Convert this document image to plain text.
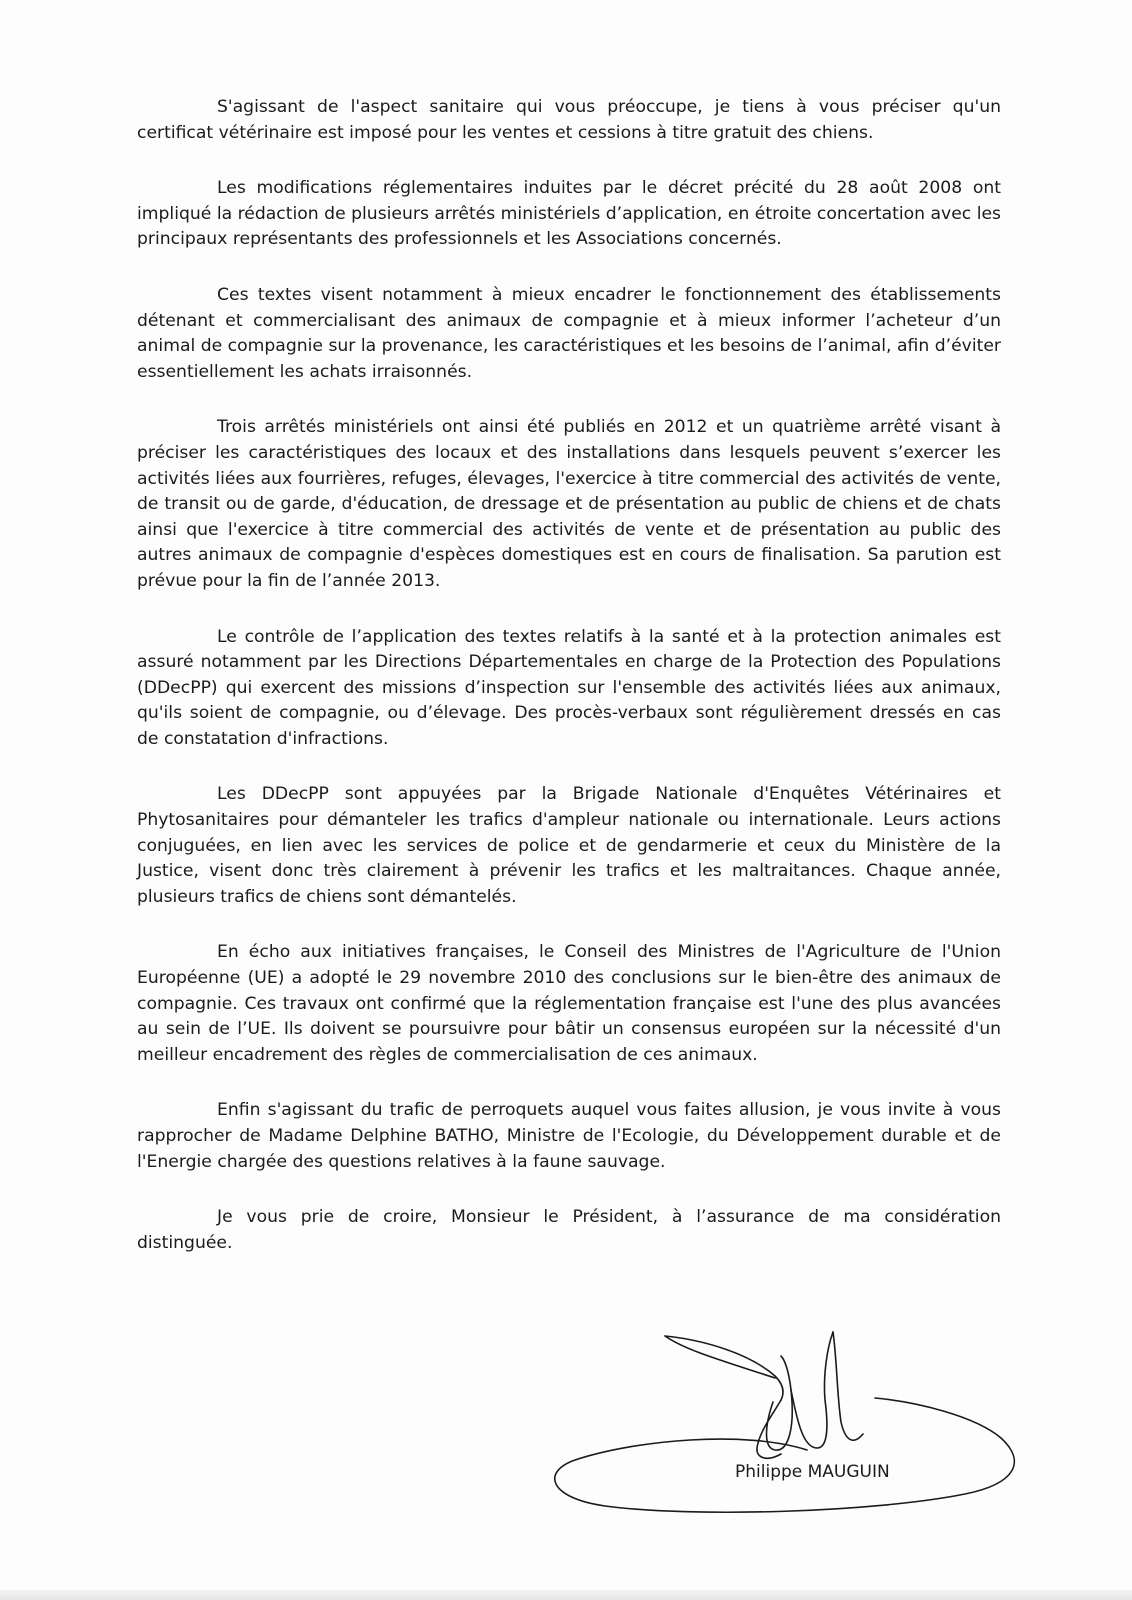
S'agissant de l'aspect sanitaire qui vous préoccupe, je tiens à vous préciser qu'un certificat vétérinaire est imposé pour les ventes et cessions à titre gratuit des chiens.

Les modifications réglementaires induites par le décret précité du 28 août 2008 ont impliqué la rédaction de plusieurs arrêtés ministériels d’application, en étroite concertation avec les principaux représentants des professionnels et les Associations concernés.

Ces textes visent notamment à mieux encadrer le fonctionnement des établissements détenant et commercialisant des animaux de compagnie et à mieux informer l’acheteur d’un animal de compagnie sur la provenance, les caractéristiques et les besoins de l’animal, afin d’éviter essentiellement les achats irraisonnés.

Trois arrêtés ministériels ont ainsi été publiés en 2012 et un quatrième arrêté visant à préciser les caractéristiques des locaux et des installations dans lesquels peuvent s’exercer les activités liées aux fourrières, refuges, élevages, l'exercice à titre commercial des activités de vente, de transit ou de garde, d'éducation, de dressage et de présentation au public de chiens et de chats ainsi que l'exercice à titre commercial des activités de vente et de présentation au public des autres animaux de compagnie d'espèces domestiques est en cours de finalisation. Sa parution est prévue pour la fin de l’année 2013.

Le contrôle de l’application des textes relatifs à la santé et à la protection animales est assuré notamment par les Directions Départementales en charge de la Protection des Populations (DDecPP) qui exercent des missions d’inspection sur l'ensemble des activités liées aux animaux, qu'ils soient de compagnie, ou d’élevage. Des procès-verbaux sont régulièrement dressés en cas de constatation d'infractions.

Les DDecPP sont appuyées par la Brigade Nationale d'Enquêtes Vétérinaires et Phytosanitaires pour démanteler les trafics d'ampleur nationale ou internationale. Leurs actions conjuguées, en lien avec les services de police et de gendarmerie et ceux du Ministère de la Justice, visent donc très clairement à prévenir les trafics et les maltraitances. Chaque année, plusieurs trafics de chiens sont démantelés.

En écho aux initiatives françaises, le Conseil des Ministres de l'Agriculture de l'Union Européenne (UE) a adopté le 29 novembre 2010 des conclusions sur le bien-être des animaux de compagnie. Ces travaux ont confirmé que la réglementation française est l'une des plus avancées au sein de l’UE. Ils doivent se poursuivre pour bâtir un consensus européen sur la nécessité d'un meilleur encadrement des règles de commercialisation de ces animaux.

Enfin s'agissant du trafic de perroquets auquel vous faites allusion, je vous invite à vous rapprocher de Madame Delphine BATHO, Ministre de l'Ecologie, du Développement durable et de l'Energie chargée des questions relatives à la faune sauvage.

Je vous prie de croire, Monsieur le Président, à l’assurance de ma considération distinguée.

Philippe MAUGUIN
